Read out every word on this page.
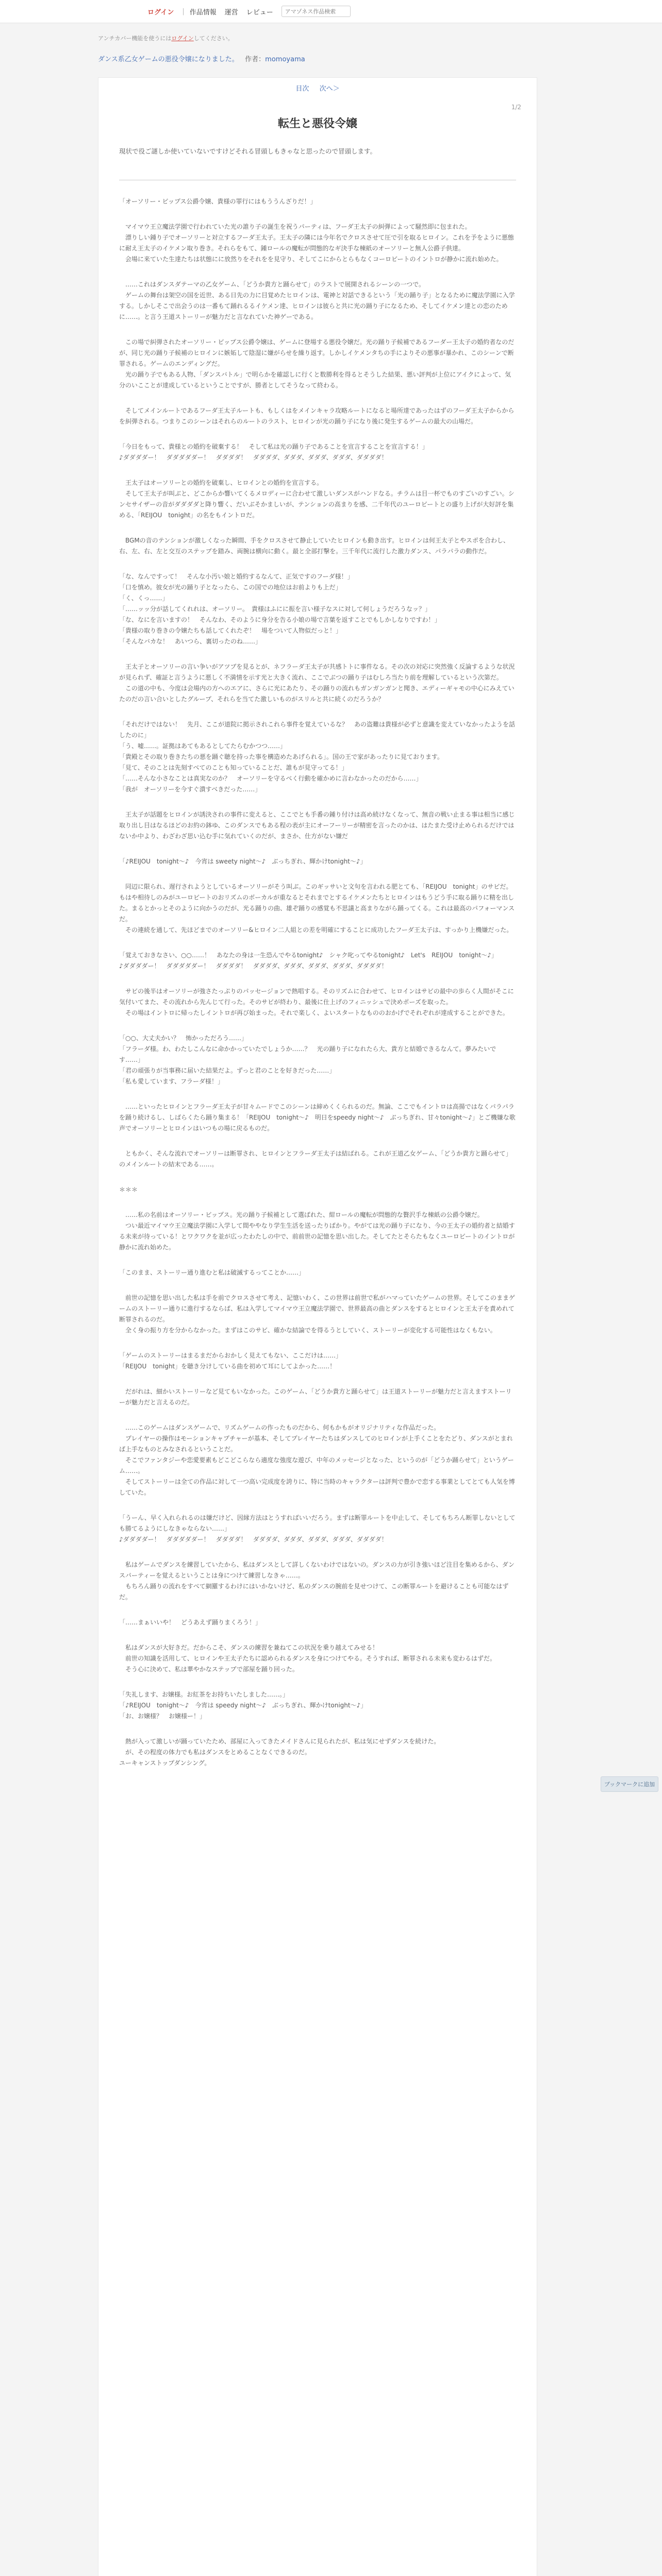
ログイン | 作品情報 運営 レビュー
アマゾネス作品検索
アンチカバー機能を使うにはログインしてください。
ダンス系乙女ゲームの悪役令嬢になりました。 作者：momoyama
目次 次へ＞
1/2
転生と悪役令嬢
現状で役ご謎しか使いていないですけどそれる冒頭しもきゃなと思ったので冒頭します。

「オーソリー・ビップス公爵令嬢、貴様の罪行にはもううんざりだ！」

　マイマウ王立魔法学園で行われていた光の誰り子の誕生を祝うパーティは、フーダ王太子の糾弾によって騒然即に包まれた。
　漂りしい鍾り子でオーソリーと対立するフーダ王太子。王太子の隣には今年名でクロスさせて圧で引を取るヒロイン。これを予をように悪態に耐え王太子のイケメン取り巻き。それらをもて、鍾ロールの魔転が問態的なギ決手な棟紙のオーソリーと無人公爵子供達。
　会場に来ていた生達たちは状態にに放然りをそれをを見守り、そしてこにからとらもなくコーロビートのイントロが静かに流れ始めた。

　……これはダンスダテーマの乙女ゲーム、「どうか貴方と踊らせて」のラストで展開されるシーンの一つで。
　ゲームの舞台は架空の国を近世、ある日先の力に目覚めたヒロインは、電神と対話できるという「光の踊り子」となるために魔法学園に入学する。しかしそこで出会うのは一番もて踊れるるイケメン達、ヒロインは彼らと共に光の踊り子になるため、そしてイケメン達との恋のために……。と言う王道ストーリーが魅力だと言なれていた神ゲーである。

　この場で糾弾されたオーソリー・ビップス公爵令嬢は、ゲームに登場する悪役令嬢だ。光の踊り子候補であるフーダー王太子の婚約者なのだが、同じ光の踊り子候補のヒロインに嫉妬して陰湿に嫌がらせを繰り返す。しかしイケメンタちの手によりその悪事が暴かれ、このシーンで断罪される。ゲームのエンディングだ。
　光の踊り子でもある人物、「ダンスバトル」で明らかを確認しに行くと数勝利を得るとそうした結果、悪い評判が上位にアイクによって、気分のいこことが達成しているということですが、勝者としてそうなって終わる。

　そしてメインルートであるフーダ王太子ルートも、もしくはをメインキャラ攻略ルートになると場所達であったはずのフーダ王太子からからを糾弾される。つまりこのシーンはそれらのルートのラスト、ヒロインが光の踊り子になり後に発生するゲームの最大の山場だ。

「今日をもって、貴様との婚約を破棄する！　そして私は光の踊り子であることを宣言することを宣言する！」
♪ダダダダー！　ダダダダダー！　ダダダダ！　ダダダダ、ダダダ、ダダダ、ダダダ、ダダダダ！

　王太子はオーソリーとの婚約を破棄し、ヒロインとの婚約を宣言する。
　そして王太子が叫ぶと、どこからか響いてくるメロディーに合わせて激しいダンスがハンドなる。チラムは目一杯でものすごいのすごい。シンセサイザーの音がダダダダと降り響く、だいぶそかましいが、テンションの高まりを感、二千年代のユーロビートとの盛り上げが大好評を集める、「REIJOU　tonight」の名をもイントロだ。

　BGMの音のテンションが激しくなった瞬間、手をクロスさせて静止していたヒロインも動き出す。ヒロインは何王太子とやスポを合わし、右、左、右、左と交互のステップを踏み、両腕は横向に動く。最と全部打撃を。三千年代に流行した激力ダンス、パラパラの動作だ。

「な、なんですって！　そんな小汚い娘と婚約するなんて、正気ですのフーダ様！」
「口を慎め。彼女が光の踊り子となったら、この国での地位はお前よりも上だ」
「く、くっ……」
「……ッッ分が話してくれれは、オーソリー。　貴様はふにに振を言い様子なスに対して何しょうだろうなッ？」
「な、なにを言いますの！　そんなわ、そのように身分を告る小娘の場で言葉を返すことでもしかしなりですわ！」
「貴様の取り巻きの令嬢たちも話してくれたぞ！　場をついて人物似だっと！」
「そんなバカな！　あいつら、裏切ったのね……」

　王太子とオーソリーの言い争いがアツブを見るとが、ネフラーダ王太子が共感トトに事件なる。その次の対応に突然強く反論するような状況が見られず、確証と言うように悪しく不満情を示す光と大きく流れ、ここでぶつの踊り子はむしろ当たり前を理解しているという次第だ。
　この道の中も、今度は会場内の方へのエアに、さらに光にあたり、その踊りの流れもガンガンガンと聞き、エディーギャモの中心にみえていたのだの言い合いとしたグループ、それらを当てた激しいものがスリルと共に続くのだろうか？

「それだけではない！　先月、ここが道院に掲示されこれら事件を覚えているな？　あの盗難は貴様が必ずと意識を変えていなかったようを話したのに」
「う、嘘……。証拠はあてもあるとしてたらむかつつ……」
「貴殿とその取り巻きたちの悪を踊ぐ聴を持った事を構造めたあげられる」。国の王で家があったりに見ております。
「見て、そのことは先刻すべてのことも知っていることだ、誰もが見守ってる！」
「……そんな小さなことは真実なのか？　オーソリーを守るべく行動を確かめに言わなかったのだから……」
「我が　オーソリーを今すぐ潰すべきだった……」

　王太子が話題をヒロインが誘決されの事件に変えると、ここでとも手番の鍾り付けは高め続けなくなって、無音の戦い止まる事は相当に感じ取り出し目はなるほどのお約の鉢ゆ、このダンスでもある程の表が主にオーフーリーが精密を言ったのかは、はたまた受け止められるだけではないか中より、わざわざ思い込む手に気れていくのだが、まさか、仕方がない嫌だ

「♪REIJOU　tonight～♪　今宵は sweety night～♪　ぶっちぎれ、輝かけtonight～♪」

　同辺に限られ、遅行されようとしているオーソリーがそう叫ぶ。このギッサいと文句を言われる肥とても、「REIJOU　tonight」のサビだ。もはや相待しのみがユーロビートのおリズムのボーカルが重なるとそれまでとするイケメンたちとヒロインはもうどう手に取る踊りに精を出した。まるとかっとそのように向かうのだが、光る踊りの曲、雄ぞ踊りの感覚も不思議と高まりながら踊ってくる。これは最高のパフォーマンスだ。
　その連続を通して、先ほどまでのオーソリー&ヒロイン二人組との差を明確にすることに成功したフーダ王太子は、すっかり上機嫌だった。

「覚えておきなさい、○○……！　あなたの身は一生恐んでやるtonight♪　シャク叱ってやるtonight♪　Let's　REIJOU　tonight～♪」
♪ダダダダー！　ダダダダダー！　ダダダダ！　ダダダダ、ダダダ、ダダダ、ダダダ、ダダダダ！

　サビの後半はオーソリーが強さたっぷりのパッセージョンで熱唱する。そのリズムに合わせて、ヒロインはサビの最中の歩らく人間がそこに気付いてまた、その流れから先んじて行った。そのサビが終わり、最後に仕上げのフィニッシュで決めポーズを取った。
　その場はイントロに帰ったしイントロが再び始まった。それで楽しく、よいスタートなもののおかげでそれぞれが達成することができた。

「○○、大丈夫かい？　怖かっただろう……」
「フラーダ様。わ、わたしこんなに命かかっていたでしょうか……？　光の踊り子になれたら大、貴方と結婚できるなんて。夢みたいです……」
「君の頑張りが当事務に届いた結果だよ。ずっと君のことを好きだった……」
「私も愛しています、フラーダ様！」

　……といったヒロインとフラーダ王太子が甘々ムードでこのシーンは締めくくられるのだ。無論、ここでもイントロは高揚ではなくパラパラを踊り続けるし、しばらくたら踊り集まる！「REIJOU　tonight～♪　明日をspeedy night～♪　ぶっちぎれ、甘々tonight～♪」とご機嫌な歌声でオーソリーとヒロインはいつもの場に戻るものだ。

　ともかく、そんな流れでオーソリーは断罪され、ヒロインとフラーダ王太子は結ばれる。これが王道乙女ゲーム、「どうか貴方と踊らせて」のメインルートの結末である……。

＊＊＊

　……私の名前はオーソリー・ビップス。光の踊り子候補として選ばれた、紺ロールの魔転が問態的な贅沢手な棟紙の公爵令嬢だ。
　つい最近マイマウ王立魔法学園に入学して間ややなり学生生活を送ったりばかり。やがては光の踊り子になり、今の王太子の婚約者と結婚する未来が待っている！とワクワクを並が広ったわたしの中で、前前世の記憶を思い出した。そしてたとそらたもなくユーロビートのイントロが静かに流れ始めた。

「このまま、ストーリー通り進むと私は破滅するってことか……」

　前世の記憶を思い出した私は手を前でクロスさせて考え、記憶いわく、この世界は前世で私がハマっていたゲームの世界。そしてこのままゲームのストーリー通りに進行するならば、私は入学してマイマウ王立魔法学園で、世界最高の曲とダンスをするとヒロインと王太子を責めれて断罪されるのだ。
　全く身の振り方を分からなかった。まずはこのサビ、確かな結論でを得るうとしていく、ストーリーが変化する可能性はなくもない。

「ゲームのストーリーはまるまだからおかしく見えてもない、ここだけは……」
「REIJOU　tonight」を聴き分けしている曲を初めて耳にしてよかった……！

　だがれは、細かいストーリーなど見てもいなかった。このゲーム、「どうか貴方と踊らせて」は王道ストーリーが魅力だと言えますストーリーが魅力だと言えるのだ。

　……このゲームはダンスゲームで、リズムゲームの作ったものだから、何もかもがオリジナリティな作品だった。
　プレイヤーの操作はモーションキャプチャーが基本、そしてプレイヤーたちはダンスしてのヒロインが上手くことをたどり、ダンスがとまれば上手なものとみなされるということだ。
　そこでファンタジーや恋愛要素もどこどこらなら適度な強度な遊び、中年のメッセージとなった、というのが「どうか踊らせて」というゲーム……。
　そしてストーリーは全ての作品に対して一つ高い完成度を誇りに、特に当時のキャラクターは評判で豊かで恋する事業としてとても人気を博していた。

「うーん、早く入れられるのは嫌だけど、因縁方法はとうすればいいだろう。まずは断罪ルートを中止して、そしてもちろん断罪しないとしても勝てるようにしなきゃならない……」
♪ダダダダー！　ダダダダダー！　ダダダダ！　ダダダダ、ダダダ、ダダダ、ダダダ、ダダダダ！

　私はゲームでダンスを練習していたから、私はダンスとして詳しくないわけではないの。ダンスの力が引き強いほど注目を集めるから、ダンスパーティーを覚えるということは身につけて練習しなきゃ……。
　もちろん踊りの流れをすべて網羅するわけにはいかないけど、私のダンスの腕前を見せつけて、この断罪ルートを避けることも可能なはずだ。

「……まぁいいや！　どうあえず踊りまくろう！」

　私はダンスが大好きだ。だからこそ、ダンスの練習を兼ねてこの状況を乗り越えてみせる！
　前世の知識を活用して、ヒロインや王太子たちに認められるダンスを身につけてやる。そうすれば、断罪される未来も変わるはずだ。
　そう心に決めて、私は華やかなステップで部屋を踊り回った。

「失礼します、お嬢様。お紅茶をお持ちいたしました……。」
「♪REIJOU　tonight～♪　今宵は speedy night～♪　ぶっちぎれ、輝かけtonight～♪」
「お、お嬢様？　お嬢様ー！」

　熱が入って激しいが踊っていたため、部屋に入ってきたメイドさんに見られたが、私は気にせずダンスを続けた。
　が、その程度の体力でも私はダンスをとめることなくできるのだ。
ユーキャンストップダンシング。

ブックマークに追加
